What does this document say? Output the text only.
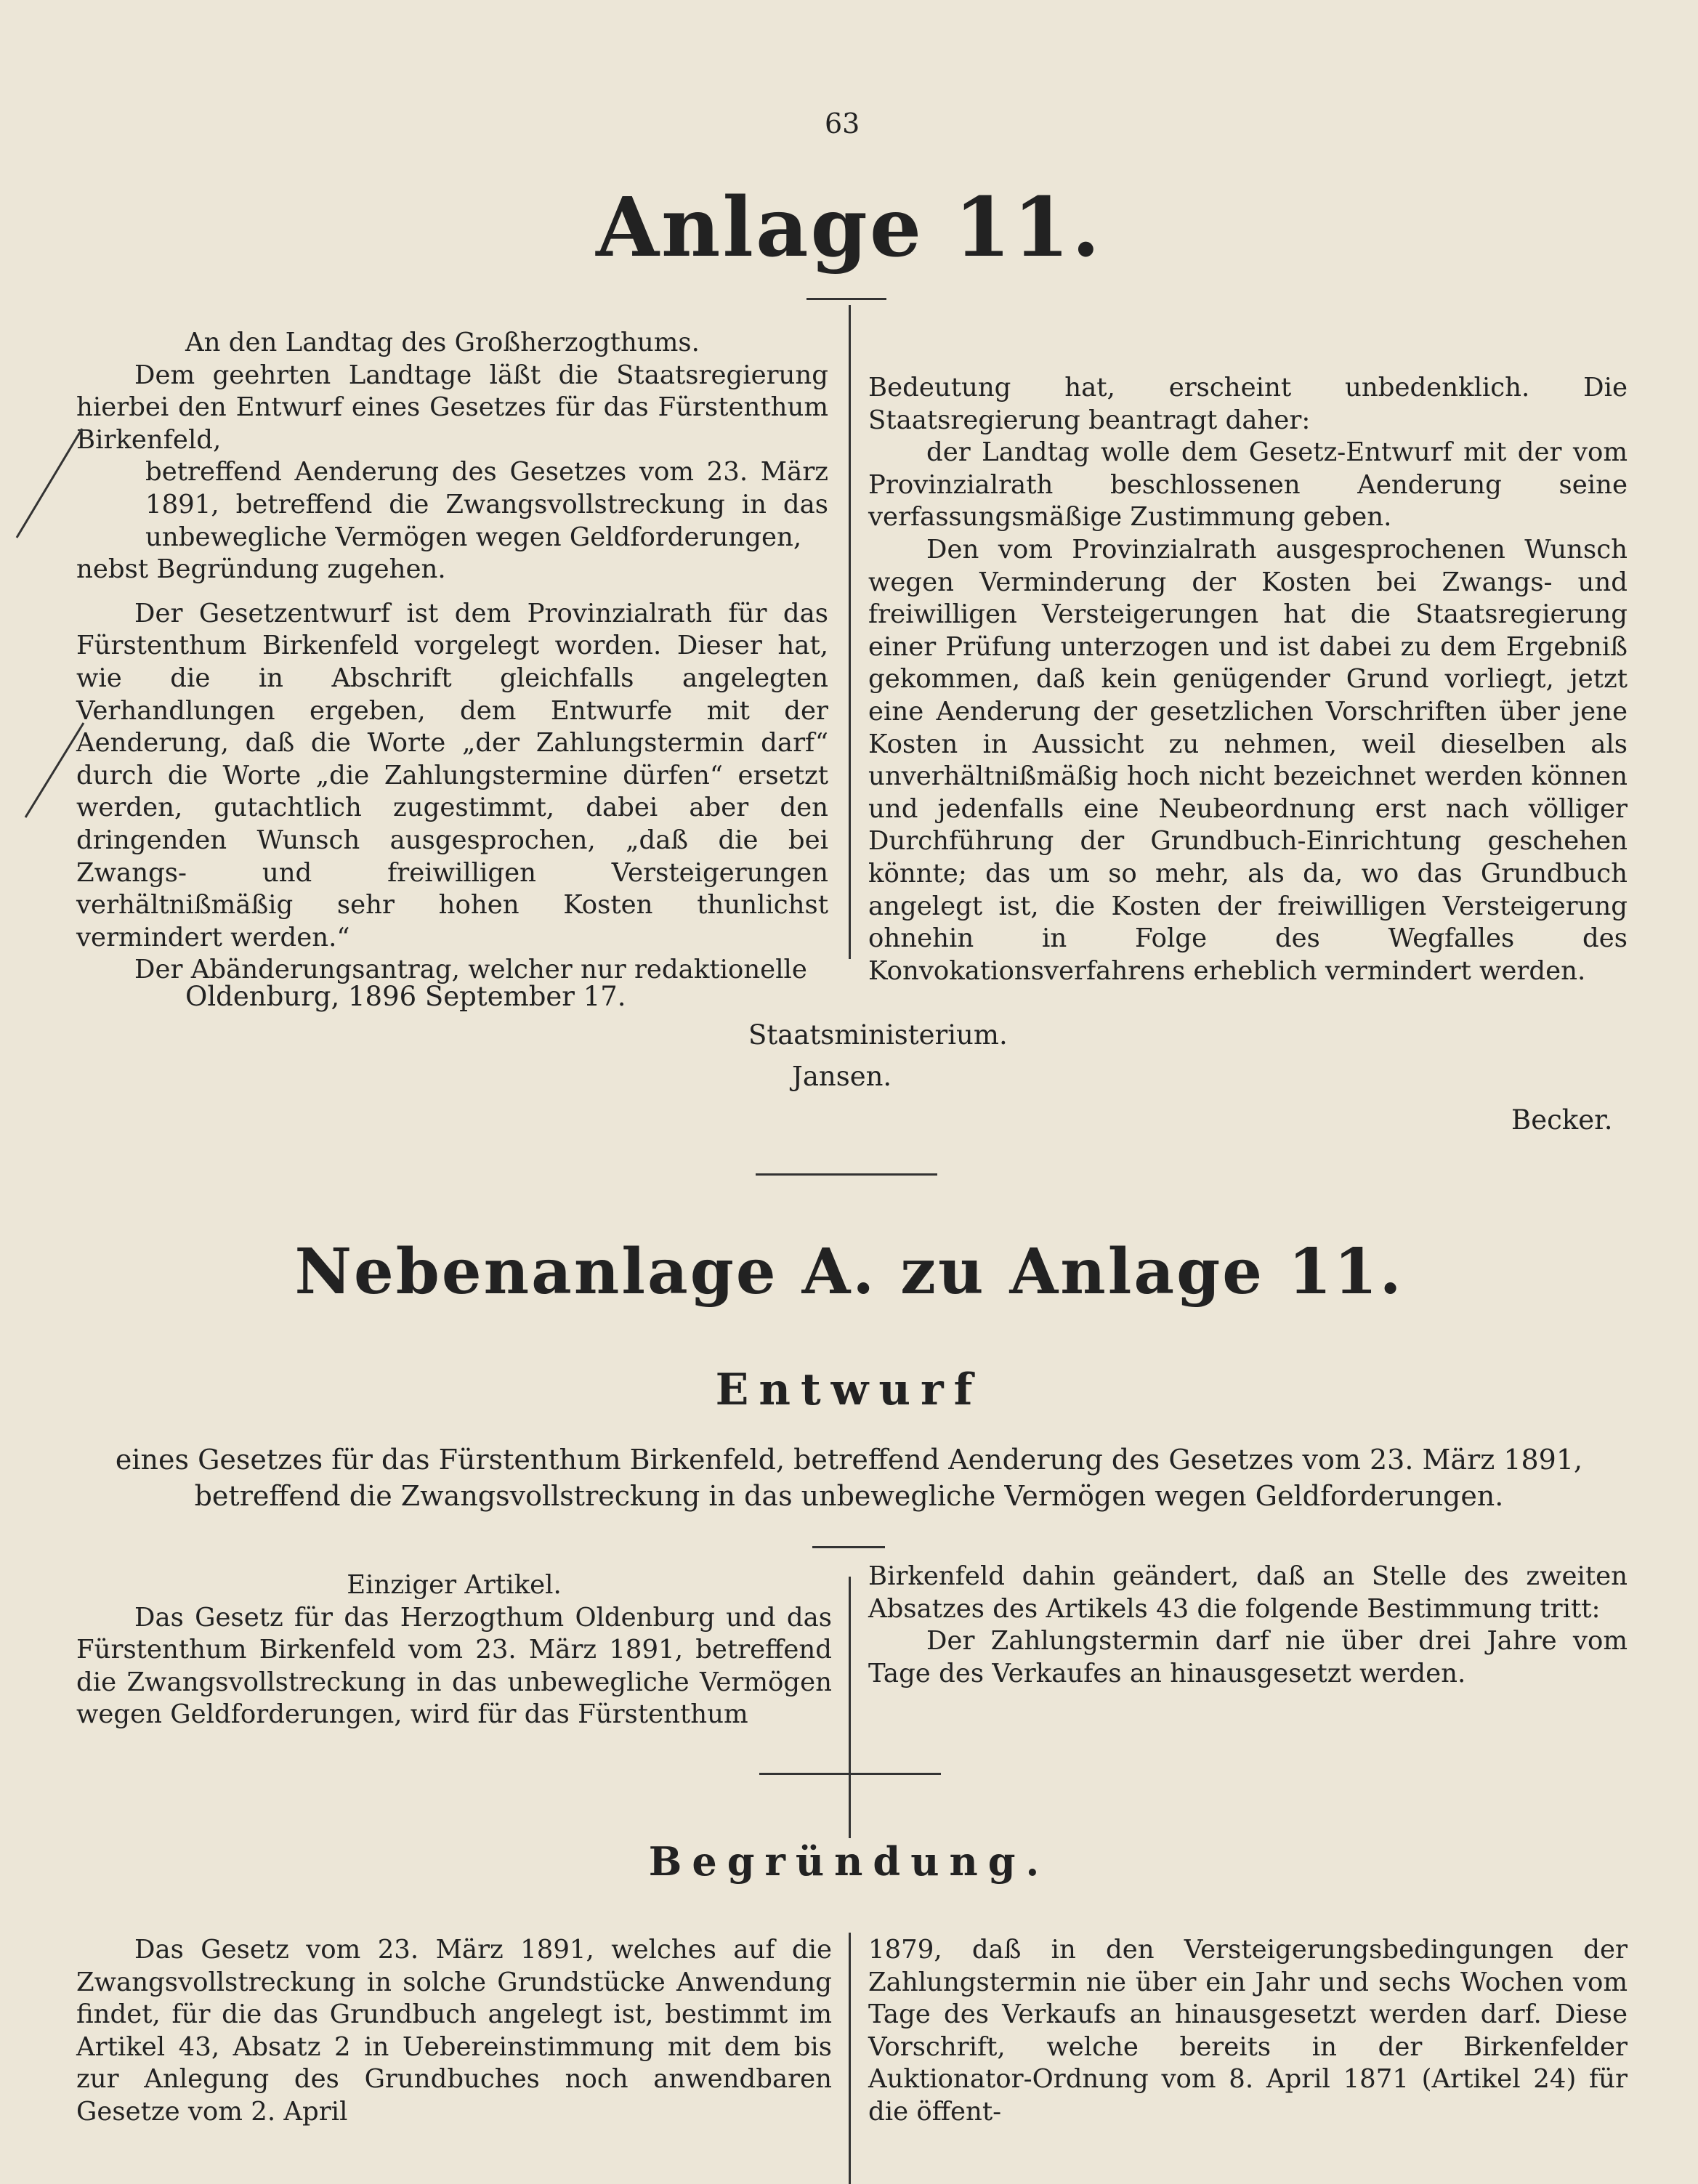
63
Anlage 11.

An den Landtag des Großherzogthums.

Dem geehrten Landtage läßt die Staatsregierung hierbei den Entwurf eines Gesetzes für das Fürstenthum Birkenfeld,

betreffend Aenderung des Gesetzes vom 23. März 1891, betreffend die Zwangsvollstreckung in das unbewegliche Vermögen wegen Geldforderungen,

nebst Begründung zugehen.

Der Gesetzentwurf ist dem Provinzialrath für das Fürstenthum Birkenfeld vorgelegt worden. Dieser hat, wie die in Abschrift gleichfalls angelegten Verhandlungen ergeben, dem Entwurfe mit der Aenderung, daß die Worte „der Zahlungstermin darf“ durch die Worte „die Zahlungstermine dürfen“ ersetzt werden, gutachtlich zugestimmt, dabei aber den dringenden Wunsch ausgesprochen, „daß die bei Zwangs- und freiwilligen Versteigerungen verhältnißmäßig sehr hohen Kosten thunlichst vermindert werden.“

Der Abänderungsantrag, welcher nur redaktionelle

Bedeutung hat, erscheint unbedenklich. Die Staatsregierung beantragt daher:

der Landtag wolle dem Gesetz-Entwurf mit der vom Provinzialrath beschlossenen Aenderung seine verfassungsmäßige Zustimmung geben.

Den vom Provinzialrath ausgesprochenen Wunsch wegen Verminderung der Kosten bei Zwangs- und freiwilligen Versteigerungen hat die Staatsregierung einer Prüfung unterzogen und ist dabei zu dem Ergebniß gekommen, daß kein genügender Grund vorliegt, jetzt eine Aenderung der gesetzlichen Vorschriften über jene Kosten in Aussicht zu nehmen, weil dieselben als unverhältnißmäßig hoch nicht bezeichnet werden können und jedenfalls eine Neubeordnung erst nach völliger Durchführung der Grundbuch-Einrichtung geschehen könnte; das um so mehr, als da, wo das Grundbuch angelegt ist, die Kosten der freiwilligen Versteigerung ohnehin in Folge des Wegfalles des Konvokationsverfahrens erheblich vermindert werden.

Oldenburg, 1896 September 17.
Staatsministerium.
Jansen.
Becker.
Nebenanlage A. zu Anlage 11.
Entwurf
eines Gesetzes für das Fürstenthum Birkenfeld, betreffend Aenderung des Gesetzes vom 23. März 1891,
betreffend die Zwangsvollstreckung in das unbewegliche Vermögen wegen Geldforderungen.

Einziger Artikel.

Das Gesetz für das Herzogthum Oldenburg und das Fürstenthum Birkenfeld vom 23. März 1891, betreffend die Zwangsvollstreckung in das unbewegliche Vermögen wegen Geldforderungen, wird für das Fürstenthum

Birkenfeld dahin geändert, daß an Stelle des zweiten Absatzes des Artikels 43 die folgende Bestimmung tritt:

Der Zahlungstermin darf nie über drei Jahre vom Tage des Verkaufes an hinausgesetzt werden.

Begründung.

Das Gesetz vom 23. März 1891, welches auf die Zwangsvollstreckung in solche Grundstücke Anwendung findet, für die das Grundbuch angelegt ist, bestimmt im Artikel 43, Absatz 2 in Uebereinstimmung mit dem bis zur Anlegung des Grundbuches noch anwendbaren Gesetze vom 2. April

1879, daß in den Versteigerungsbedingungen der Zahlungstermin nie über ein Jahr und sechs Wochen vom Tage des Verkaufs an hinausgesetzt werden darf. Diese Vorschrift, welche bereits in der Birkenfelder Auktionator-Ordnung vom 8. April 1871 (Artikel 24) für die öffent-
